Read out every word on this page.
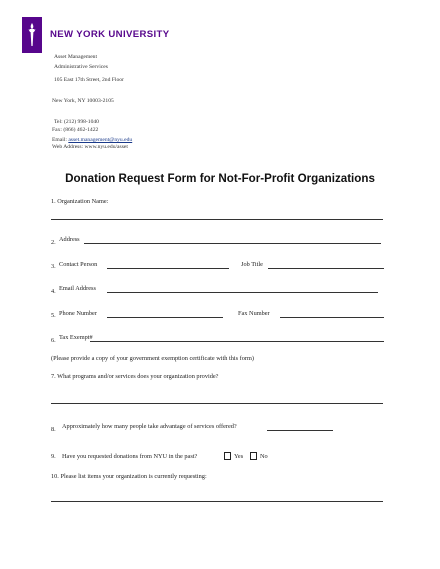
NEW YORK UNIVERSITY
Asset Management
Administrative Services
105 East 17th Street, 2nd Floor
New York, NY 10003-2105
Tel: (212) 998-1040
Fax: (866) 462-1422
Email: asset.management@nyu.edu
Web Address: www.nyu.edu/asset
Donation Request Form for Not-For-Profit Organizations
1. Organization Name:
2. Address
3. Contact Person	Job Title
4. Email Address
5. Phone Number	Fax Number
6. Tax Exempt#
(Please provide a copy of your government exemption certificate with this form)
7. What programs and/or services does your organization provide?
8. Approximately how many people take advantage of services offered?
9. Have you requested donations from NYU in the past?	Yes	No
10. Please list items your organization is currently requesting:
